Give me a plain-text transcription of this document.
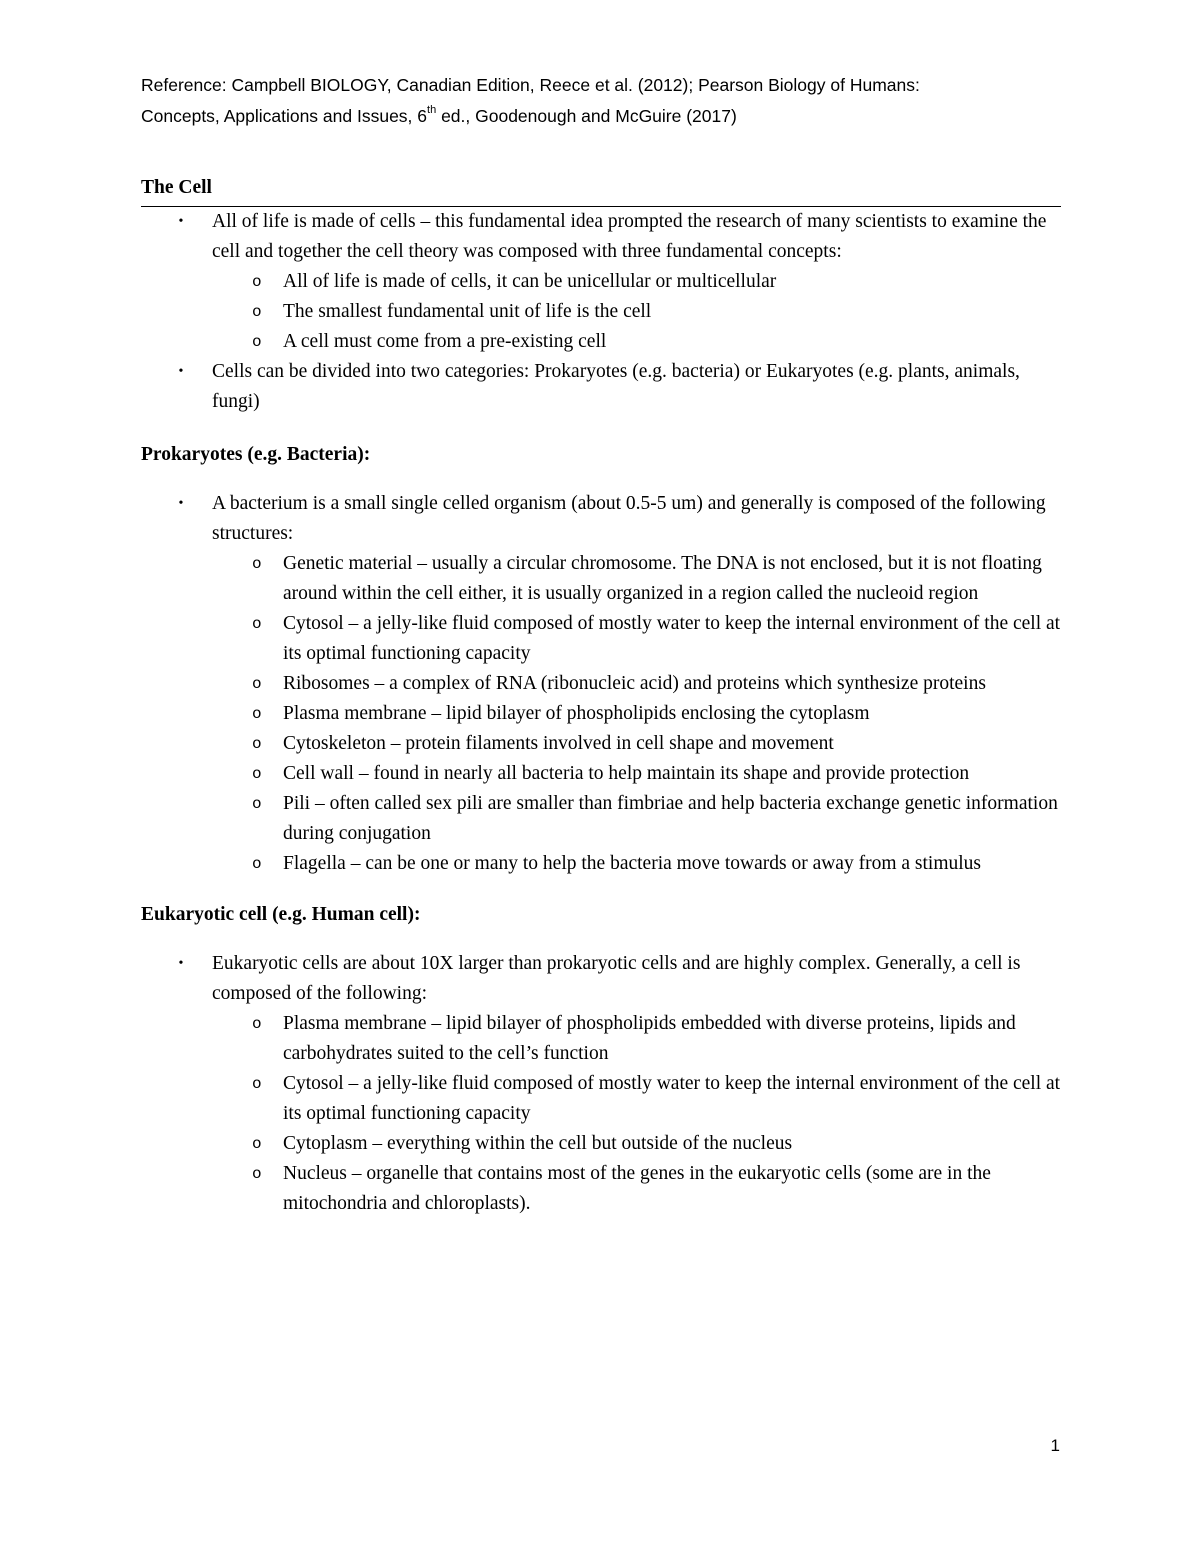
Reference: Campbell BIOLOGY, Canadian Edition, Reece et al. (2012); Pearson Biology of Humans:
Concepts, Applications and Issues, 6th ed., Goodenough and McGuire (2017)
The Cell
• All of life is made of cells – this fundamental idea prompted the research of many scientists to examine the cell and together the cell theory was composed with three fundamental concepts:
o All of life is made of cells, it can be unicellular or multicellular
o The smallest fundamental unit of life is the cell
o A cell must come from a pre-existing cell
• Cells can be divided into two categories: Prokaryotes (e.g. bacteria) or Eukaryotes (e.g. plants, animals, fungi)
Prokaryotes (e.g. Bacteria):
• A bacterium is a small single celled organism (about 0.5-5 um) and generally is composed of the following structures:
o Genetic material – usually a circular chromosome. The DNA is not enclosed, but it is not floating around within the cell either, it is usually organized in a region called the nucleoid region
o Cytosol – a jelly-like fluid composed of mostly water to keep the internal environment of the cell at its optimal functioning capacity
o Ribosomes – a complex of RNA (ribonucleic acid) and proteins which synthesize proteins
o Plasma membrane – lipid bilayer of phospholipids enclosing the cytoplasm
o Cytoskeleton – protein filaments involved in cell shape and movement
o Cell wall – found in nearly all bacteria to help maintain its shape and provide protection
o Pili – often called sex pili are smaller than fimbriae and help bacteria exchange genetic information during conjugation
o Flagella – can be one or many to help the bacteria move towards or away from a stimulus
Eukaryotic cell (e.g. Human cell):
• Eukaryotic cells are about 10X larger than prokaryotic cells and are highly complex. Generally, a cell is composed of the following:
o Plasma membrane – lipid bilayer of phospholipids embedded with diverse proteins, lipids and carbohydrates suited to the cell’s function
o Cytosol – a jelly-like fluid composed of mostly water to keep the internal environment of the cell at its optimal functioning capacity
o Cytoplasm – everything within the cell but outside of the nucleus
o Nucleus – organelle that contains most of the genes in the eukaryotic cells (some are in the mitochondria and chloroplasts).
1
